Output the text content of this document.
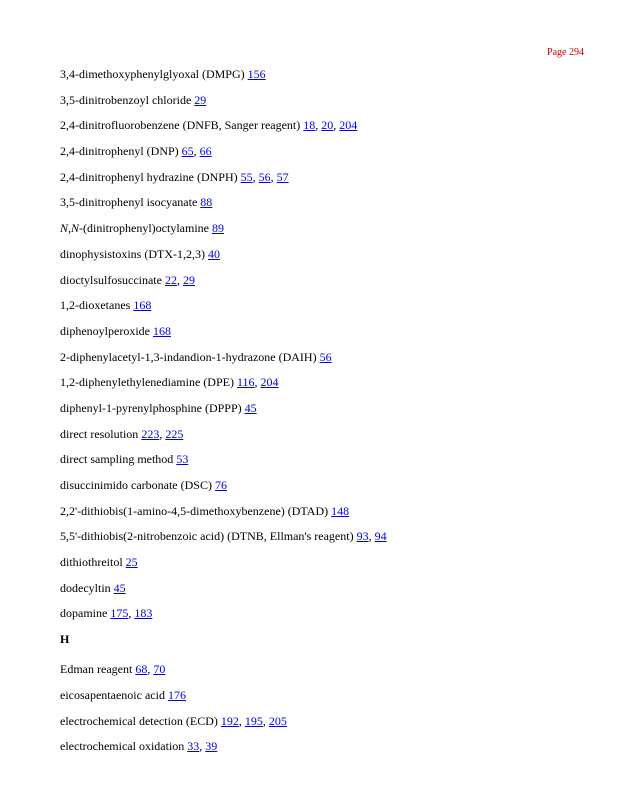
Page 294
3,4-dimethoxyphenylglyoxal (DMPG) 156
3,5-dinitrobenzoyl chloride 29
2,4-dinitrofluorobenzene (DNFB, Sanger reagent) 18, 20, 204
2,4-dinitrophenyl (DNP) 65, 66
2,4-dinitrophenyl hydrazine (DNPH) 55, 56, 57
3,5-dinitrophenyl isocyanate 88
N,N-(dinitrophenyl)octylamine 89
dinophysistoxins (DTX-1,2,3) 40
dioctylsulfosuccinate 22, 29
1,2-dioxetanes 168
diphenoylperoxide 168
2-diphenylacetyl-1,3-indandion-1-hydrazone (DAIH) 56
1,2-diphenylethylenediamine (DPE) 116, 204
diphenyl-1-pyrenylphosphine (DPPP) 45
direct resolution 223, 225
direct sampling method 53
disuccinimido carbonate (DSC) 76
2,2'-dithiobis(1-amino-4,5-dimethoxybenzene) (DTAD) 148
5,5'-dithiobis(2-nitrobenzoic acid) (DTNB, Ellman's reagent) 93, 94
dithiothreitol 25
dodecyltin 45
dopamine 175, 183
H
Edman reagent 68, 70
eicosapentaenoic acid 176
electrochemical detection (ECD) 192, 195, 205
electrochemical oxidation 33, 39
